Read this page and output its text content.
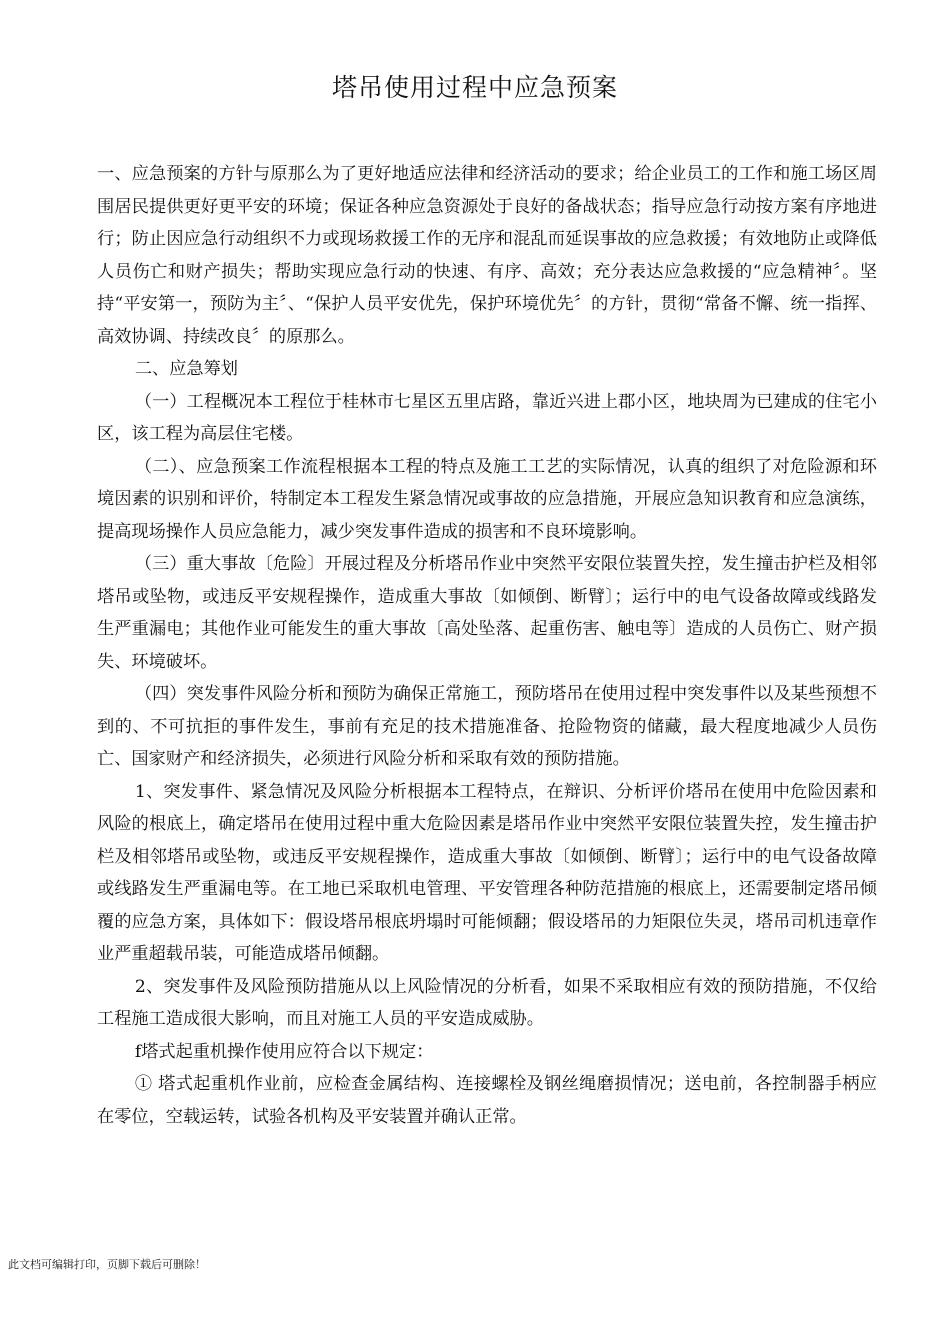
塔吊使用过程中应急预案

一、应急预案的方针与原那么为了更好地适应法律和经济活动的要求；给企业员工的工作和施工场区周围居民提供更好更平安的环境；保证各种应急资源处于良好的备战状态；指导应急行动按方案有序地进行；防止因应急行动组织不力或现场救援工作的无序和混乱而延误事故的应急救援；有效地防止或降低人员伤亡和财产损失；帮助实现应急行动的快速、有序、高效；充分表达应急救援的“应急精神〞。坚持“平安第一，预防为主〞、“保护人员平安优先，保护环境优先〞的方针，贯彻“常备不懈、统一指挥、高效协调、持续改良〞的原那么。

二、应急筹划

（一）工程概况本工程位于桂林市七星区五里店路，靠近兴进上郡小区，地块周为已建成的住宅小区，该工程为高层住宅楼。

（二）、应急预案工作流程根据本工程的特点及施工工艺的实际情况，认真的组织了对危险源和环境因素的识别和评价，特制定本工程发生紧急情况或事故的应急措施，开展应急知识教育和应急演练，提高现场操作人员应急能力，减少突发事件造成的损害和不良环境影响。

（三）重大事故〔危险〕开展过程及分析塔吊作业中突然平安限位装置失控，发生撞击护栏及相邻塔吊或坠物，或违反平安规程操作，造成重大事故〔如倾倒、断臂〕；运行中的电气设备故障或线路发生严重漏电；其他作业可能发生的重大事故〔高处坠落、起重伤害、触电等〕造成的人员伤亡、财产损失、环境破坏。

（四）突发事件风险分析和预防为确保正常施工，预防塔吊在使用过程中突发事件以及某些预想不到的、不可抗拒的事件发生，事前有充足的技术措施准备、抢险物资的储藏，最大程度地减少人员伤亡、国家财产和经济损失，必须进行风险分析和采取有效的预防措施。

1、突发事件、紧急情况及风险分析根据本工程特点，在辩识、分析评价塔吊在使用中危险因素和风险的根底上，确定塔吊在使用过程中重大危险因素是塔吊作业中突然平安限位装置失控，发生撞击护栏及相邻塔吊或坠物，或违反平安规程操作，造成重大事故〔如倾倒、断臂〕；运行中的电气设备故障或线路发生严重漏电等。在工地已采取机电管理、平安管理各种防范措施的根底上，还需要制定塔吊倾覆的应急方案，具体如下：假设塔吊根底坍塌时可能倾翻；假设塔吊的力矩限位失灵，塔吊司机违章作业严重超载吊装，可能造成塔吊倾翻。

2、突发事件及风险预防措施从以上风险情况的分析看，如果不采取相应有效的预防措施，不仅给工程施工造成很大影响，而且对施工人员的平安造成威胁。

f塔式起重机操作使用应符合以下规定：

① 塔式起重机作业前，应检查金属结构、连接螺栓及钢丝绳磨损情况；送电前，各控制器手柄应在零位，空载运转，试验各机构及平安装置并确认正常。

此文档可编辑打印，页脚下载后可删除！
